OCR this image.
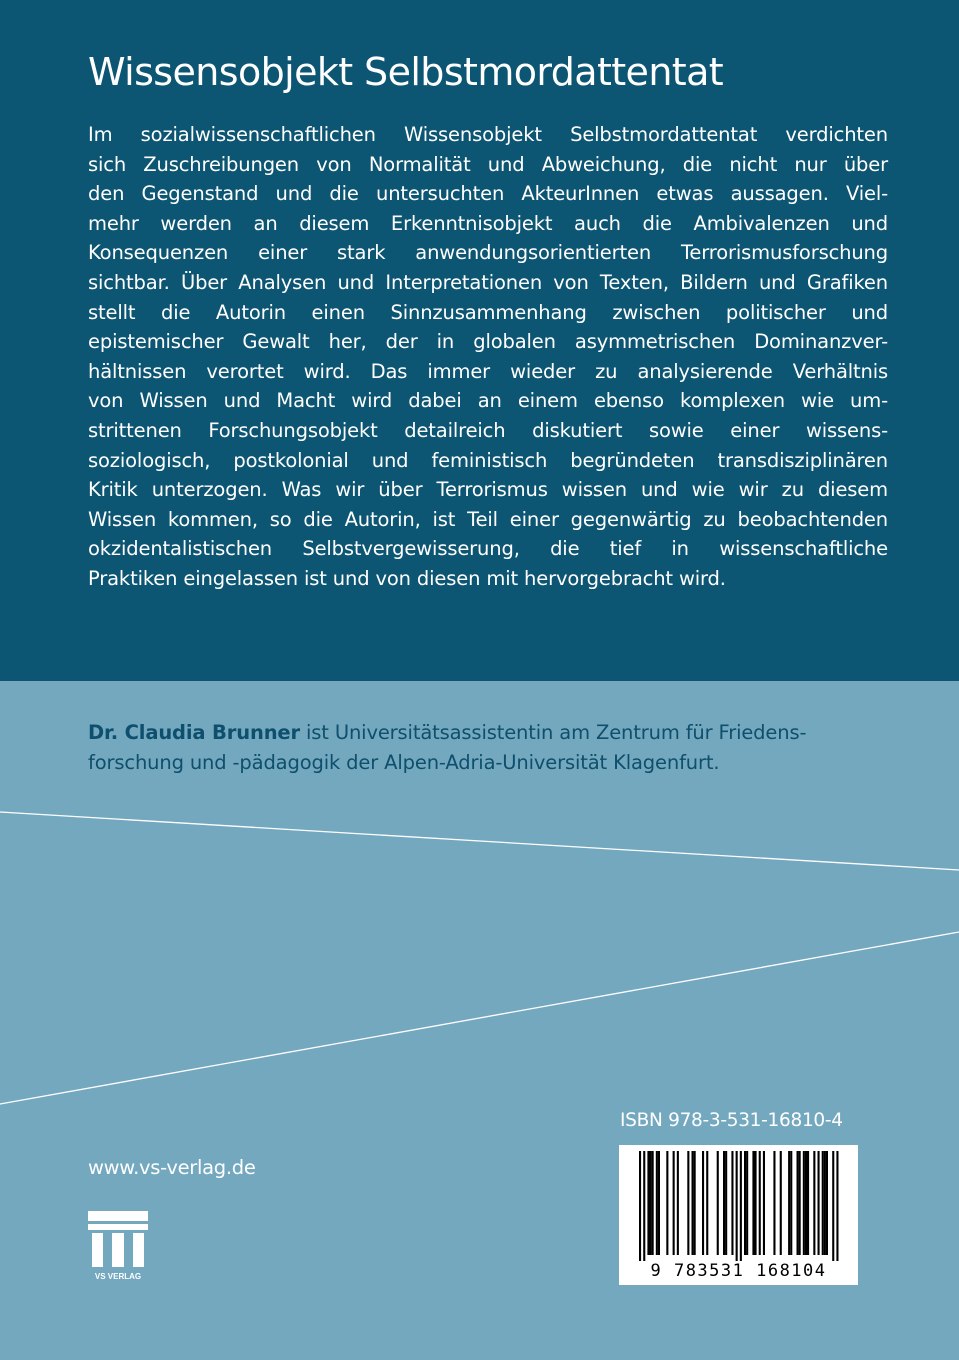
Wissensobjekt Selbstmordattentat
Im sozialwissenschaftlichen Wissensobjekt Selbstmordattentat verdichten
sich Zuschreibungen von Normalität und Abweichung, die nicht nur über
den Gegenstand und die untersuchten AkteurInnen etwas aussagen. Viel-
mehr werden an diesem Erkenntnisobjekt auch die Ambivalenzen und
Konsequenzen einer stark anwendungsorientierten Terrorismusforschung
sichtbar. Über Analysen und Interpretationen von Texten, Bildern und Grafiken
stellt die Autorin einen Sinnzusammenhang zwischen politischer und
epistemischer Gewalt her, der in globalen asymmetrischen Dominanzver-
hältnissen verortet wird. Das immer wieder zu analysierende Verhältnis
von Wissen und Macht wird dabei an einem ebenso komplexen wie um-
strittenen Forschungsobjekt detailreich diskutiert sowie einer wissens-
soziologisch, postkolonial und feministisch begründeten transdisziplinären
Kritik unterzogen. Was wir über Terrorismus wissen und wie wir zu diesem
Wissen kommen, so die Autorin, ist Teil einer gegenwärtig zu beobachtenden
okzidentalistischen Selbstvergewisserung, die tief in wissenschaftliche
Praktiken eingelassen ist und von diesen mit hervorgebracht wird.
Dr. Claudia Brunner ist Universitätsassistentin am Zentrum für Friedens-
forschung und -pädagogik der Alpen-Adria-Universität Klagenfurt.
www.vs-verlag.de
VS VERLAG
ISBN 978-3-531-16810-4
9 783531 168104
